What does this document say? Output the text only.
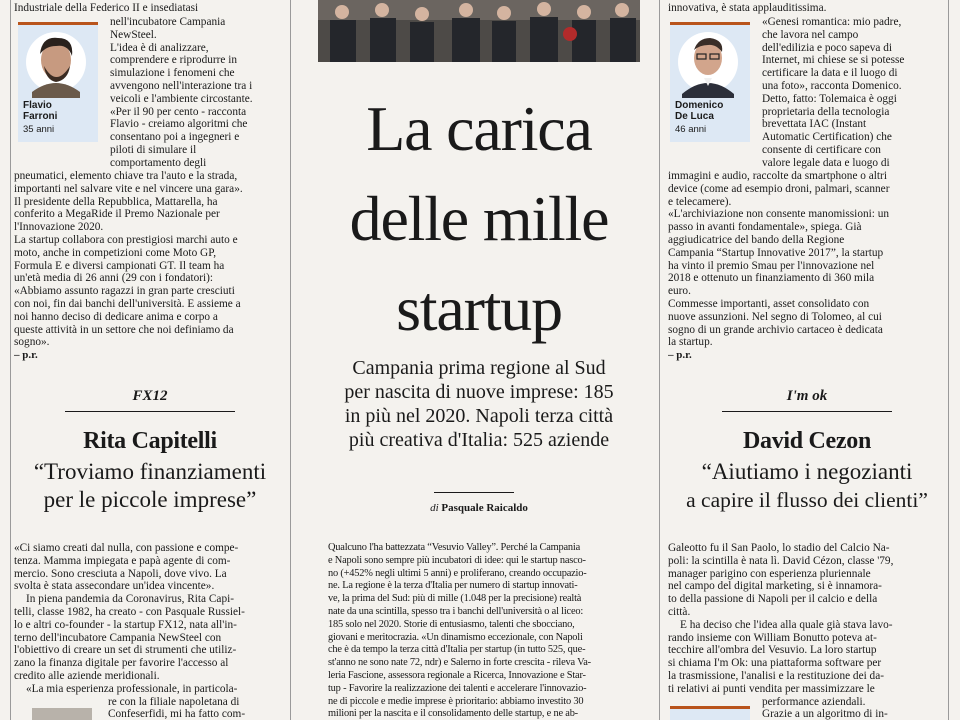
Industriale della Federico II e insediatasi

Flavio
Farroni
35 anni

nell'incubatore Campania

NewSteel.

L'idea è di analizzare,

comprendere e riprodurre in

simulazione i fenomeni che

avvengono nell'interazione tra i

veicoli e l'ambiente circostante.

«Per il 90 per cento - racconta

Flavio - creiamo algoritmi che

consentano poi a ingegneri e

piloti di simulare il

comportamento degli

pneumatici, elemento chiave tra l'auto e la strada,

importanti nel salvare vite e nel vincere una gara».

Il presidente della Repubblica, Mattarella, ha

conferito a MegaRide il Premo Nazionale per

l'Innovazione 2020.

La startup collabora con prestigiosi marchi auto e

moto, anche in competizioni come Moto GP,

Formula E e diversi campionati GT. Il team ha

un'età media di 26 anni (29 con i fondatori):

«Abbiamo assunto ragazzi in gran parte cresciuti

con noi, fin dai banchi dell'università. E assieme a

noi hanno deciso di dedicare anima e corpo a

queste attività in un settore che noi definiamo da

sogno».

– p.r.

FX12

Rita Capitelli

“Troviamo finanziamenti

per le piccole imprese”

«Ci siamo creati dal nulla, con passione e compe-

tenza. Mamma impiegata e papà agente di com-

mercio. Sono cresciuta a Napoli, dove vivo. La

svolta è stata assecondare un'idea vincente».

In piena pandemia da Coronavirus, Rita Capi-

telli, classe 1982, ha creato - con Pasquale Russiel-

lo e altri co-founder - la startup FX12, nata all'in-

terno dell'incubatore Campania NewSteel con

l'obiettivo di creare un set di strumenti che utiliz-

zano la finanza digitale per favorire l'accesso al

credito alle aziende meridionali.

«La mia esperienza professionale, in particola-

re con la filiale napoletana di

Confeserfidi, mi ha fatto com-

La carica
delle mille
startup
Campania prima regione al Sud
per nascita di nuove imprese: 185
in più nel 2020. Napoli terza città
più creativa d'Italia: 525 aziende
di Pasquale Raicaldo

Qualcuno l'ha battezzata “Vesuvio Valley”. Perché la Campania

e Napoli sono sempre più incubatori di idee: qui le startup nasco-

no (+452% negli ultimi 5 anni) e proliferano, creando occupazio-

ne. La regione è la terza d'Italia per numero di startup innovati-

ve, la prima del Sud: più di mille (1.048 per la precisione) realtà

nate da una scintilla, spesso tra i banchi dell'università o al liceo:

185 solo nel 2020. Storie di entusiasmo, talenti che sbocciano,

giovani e meritocrazia. «Un dinamismo eccezionale, con Napoli

che è da tempo la terza città d'Italia per startup (in tutto 525, que-

st'anno ne sono nate 72, ndr) e Salerno in forte crescita - rileva Va-

leria Fascione, assessora regionale a Ricerca, Innovazione e Star-

tup - Favorire la realizzazione dei talenti e accelerare l'innovazio-

ne di piccole e medie imprese è prioritario: abbiamo investito 30

milioni per la nascita e il consolidamento delle startup, e ne ab-

innovativa, è stata applauditissima.

Domenico
De Luca
46 anni

«Genesi romantica: mio padre,

che lavora nel campo

dell'edilizia e poco sapeva di

Internet, mi chiese se si potesse

certificare la data e il luogo di

una foto», racconta Domenico.

Detto, fatto: Tolemaica è oggi

proprietaria della tecnologia

brevettata IAC (Instant

Automatic Certification) che

consente di certificare con

valore legale data e luogo di

immagini e audio, raccolte da smartphone o altri

device (come ad esempio droni, palmari, scanner

e telecamere).

«L'archiviazione non consente manomissioni: un

passo in avanti fondamentale», spiega. Già

aggiudicatrice del bando della Regione

Campania “Startup Innovative 2017”, la startup

ha vinto il premio Smau per l'innovazione nel

2018 e ottenuto un finanziamento di 360 mila

euro.

Commesse importanti, asset consolidato con

nuove assunzioni. Nel segno di Tolomeo, al cui

sogno di un grande archivio cartaceo è dedicata

la startup.

– p.r.

I'm ok

David Cezon

“Aiutiamo i negozianti

a capire il flusso dei clienti”

Galeotto fu il San Paolo, lo stadio del Calcio Na-

poli: la scintilla è nata lì. David Cézon, classe '79,

manager parigino con esperienza pluriennale

nel campo del digital marketing, si è innamora-

to della passione di Napoli per il calcio e della

città.

E ha deciso che l'idea alla quale già stava lavo-

rando insieme con William Bonutto poteva at-

tecchire all'ombra del Vesuvio. La loro startup

si chiama I'm Ok: una piattaforma software per

la trasmissione, l'analisi e la restituzione dei da-

ti relativi ai punti vendita per massimizzare le

performance aziendali.

Grazie a un algoritmo di in-
